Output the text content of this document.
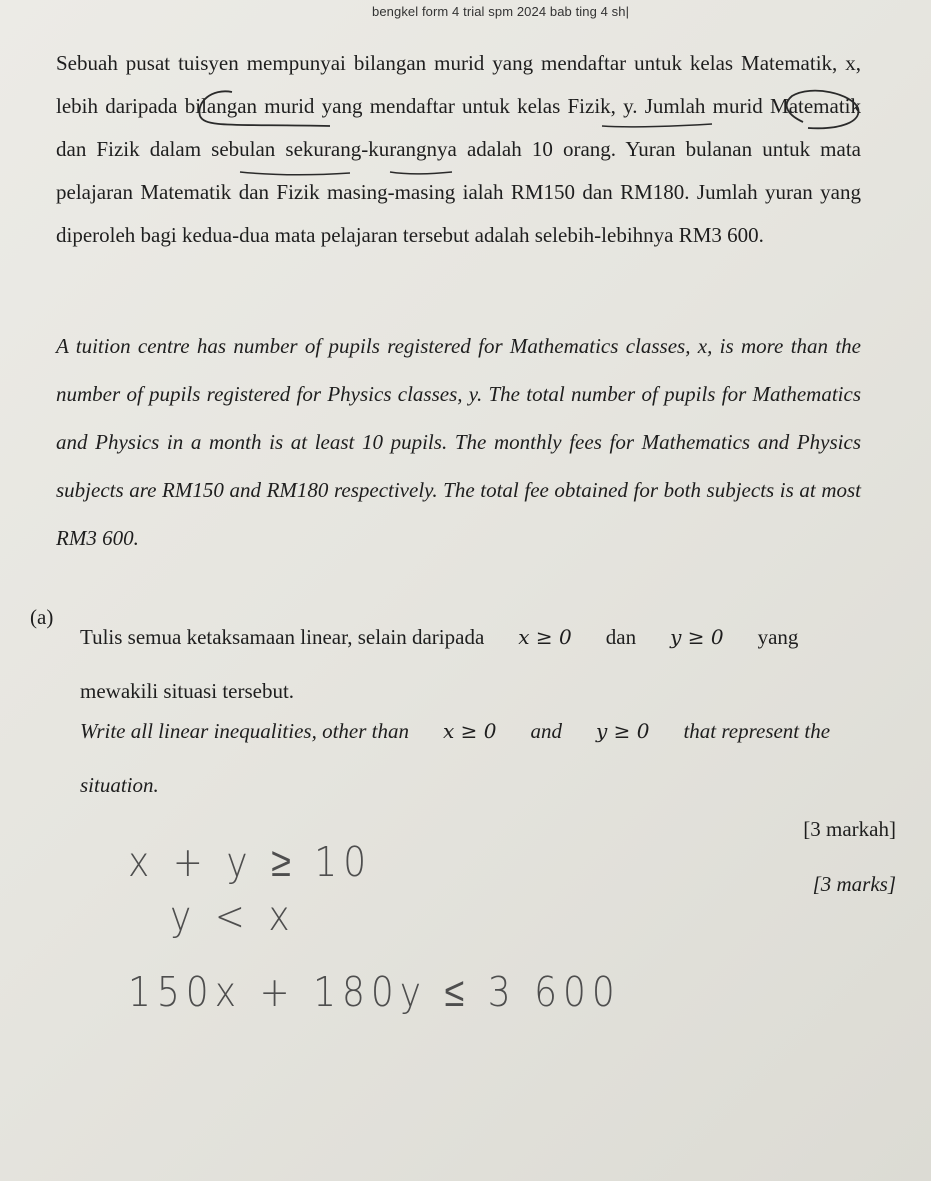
bengkel form 4 trial spm 2024 bab ting 4 sh|

Sebuah pusat tuisyen mempunyai bilangan murid yang mendaftar untuk kelas Matematik, x, lebih daripada bilangan murid yang mendaftar untuk kelas Fizik, y. Jumlah murid Matematik dan Fizik dalam sebulan sekurang-kurangnya adalah 10 orang. Yuran bulanan untuk mata pelajaran Matematik dan Fizik masing-masing ialah RM150 dan RM180. Jumlah yuran yang diperoleh bagi kedua-dua mata pelajaran tersebut adalah selebih-lebihnya RM3 600.

A tuition centre has number of pupils registered for Mathematics classes, x, is more than the number of pupils registered for Physics classes, y. The total number of pupils for Mathematics and Physics in a month is at least 10 pupils. The monthly fees for Mathematics and Physics subjects are RM150 and RM180 respectively. The total fee obtained for both subjects is at most RM3 600.

(a)

Tulis semua ketaksamaan linear, selain daripada x ≥ 0 dan y ≥ 0 yang
mewakili situasi tersebut.

Write all linear inequalities, other than x ≥ 0 and y ≥ 0 that represent the
situation.

[3 markah]
[3 marks]
x + y ≥ 10
y < x
150x + 180y ≤ 3 600
